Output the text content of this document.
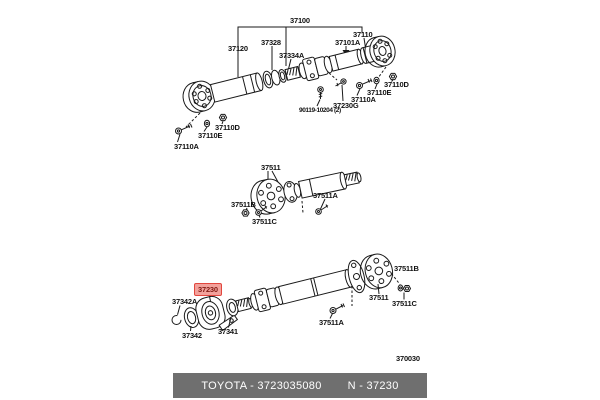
37100
37110
37101A
37328
37120
37334A
37110D
37110E
37110A
37230G
90119-10204 (2)
37110D
37110E
37110A
37511
37511A
37511B
37511C
37230
37511B
37511
37511C
37342A
37511A
37341
37342
370030
TOYOTA - 3723035080 N - 37230
